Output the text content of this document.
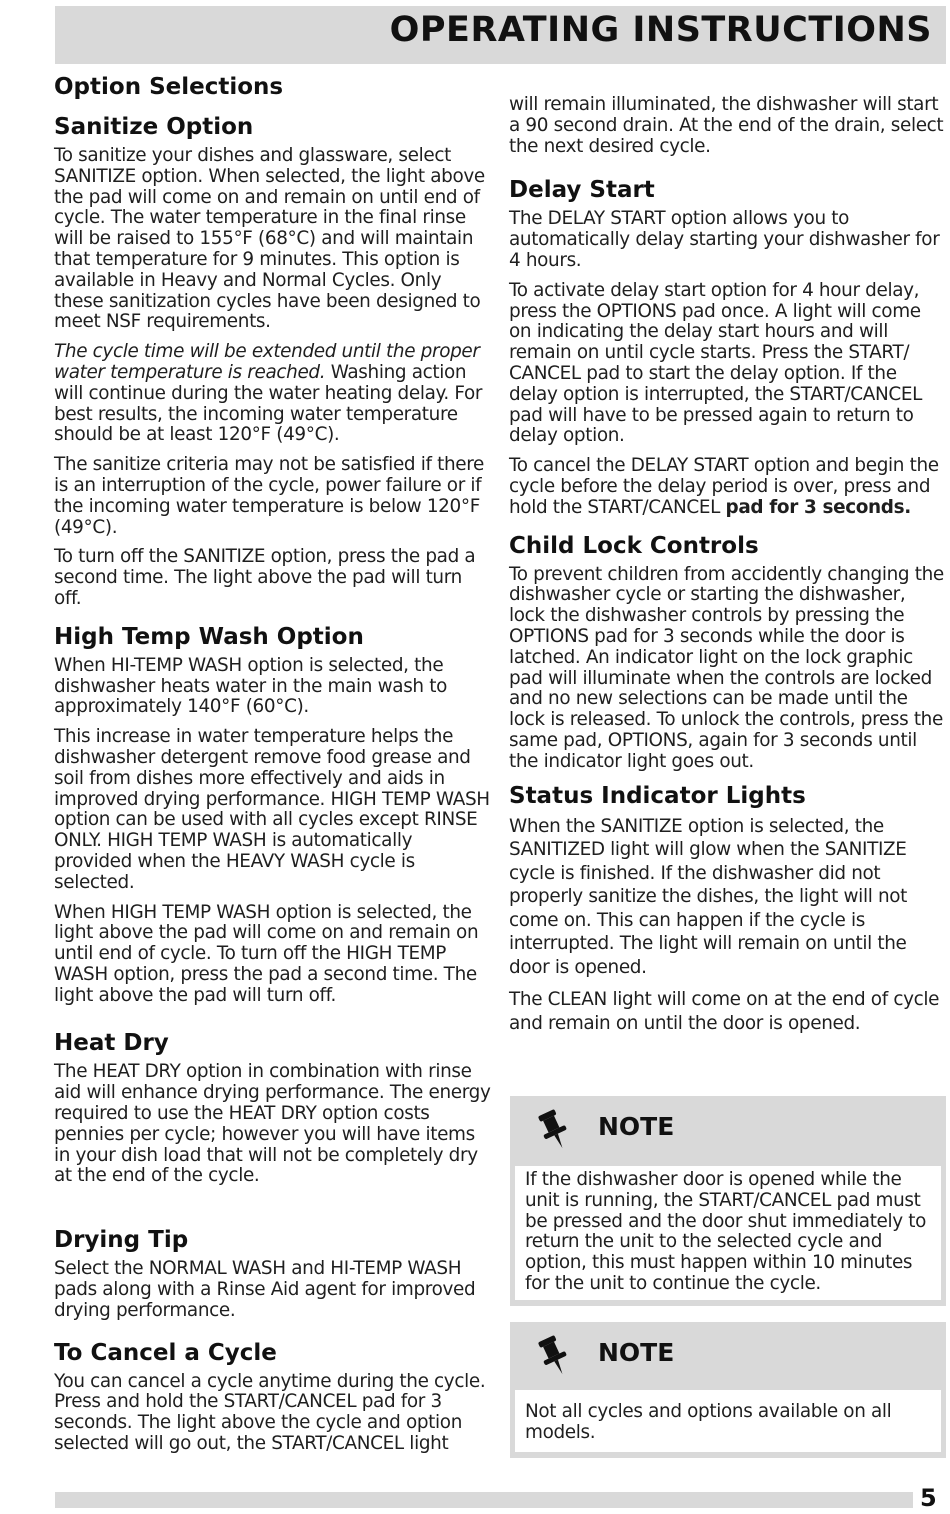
OPERATING INSTRUCTIONS
Option Selections
Sanitize Option

To sanitize your dishes and glassware, select SANITIZE option. When selected, the light above the pad will come on and remain on until end of cycle. The water temperature in the final rinse will be raised to 155°F (68°C) and will maintain that temperature for 9 minutes. This option is available in Heavy and Normal Cycles. Only these sanitization cycles have been designed to meet NSF requirements.

The cycle time will be extended until the proper water temperature is reached. Washing action will continue during the water heating delay. For best results, the incoming water temperature should be at least 120°F (49°C).

The sanitize criteria may not be satisfied if there is an interruption of the cycle, power failure or if the incoming water temperature is below 120°F (49°C).

To turn off the SANITIZE option, press the pad a second time. The light above the pad will turn off.

High Temp Wash Option

When HI-TEMP WASH option is selected, the dishwasher heats water in the main wash to approximately 140°F (60°C).

This increase in water temperature helps the dishwasher detergent remove food grease and soil from dishes more effectively and aids in improved drying performance. HIGH TEMP WASH option can be used with all cycles except RINSE ONLY. HIGH TEMP WASH is automatically provided when the HEAVY WASH cycle is selected.

When HIGH TEMP WASH option is selected, the light above the pad will come on and remain on until end of cycle. To turn off the HIGH TEMP WASH option, press the pad a second time. The light above the pad will turn off.

Heat Dry

The HEAT DRY option in combination with rinse aid will enhance drying performance. The energy required to use the HEAT DRY option costs pennies per cycle; however you will have items in your dish load that will not be completely dry at the end of the cycle.

Drying Tip

Select the NORMAL WASH and HI-TEMP WASH pads along with a Rinse Aid agent for improved drying performance.

To Cancel a Cycle

You can cancel a cycle anytime during the cycle. Press and hold the START/CANCEL pad for 3 seconds. The light above the cycle and option selected will go out, the START/CANCEL light

will remain illuminated, the dishwasher will start a 90 second drain. At the end of the drain, select the next desired cycle.

Delay Start

The DELAY START option allows you to automatically delay starting your dishwasher for 4 hours.

To activate delay start option for 4 hour delay, press the OPTIONS pad once. A light will come on indicating the delay start hours and will remain on until cycle starts. Press the START/ CANCEL pad to start the delay option. If the delay option is interrupted, the START/CANCEL pad will have to be pressed again to return to delay option.

To cancel the DELAY START option and begin the cycle before the delay period is over, press and hold the START/CANCEL pad for 3 seconds.

Child Lock Controls

To prevent children from accidently changing the dishwasher cycle or starting the dishwasher, lock the dishwasher controls by pressing the OPTIONS pad for 3 seconds while the door is latched. An indicator light on the lock graphic pad will illuminate when the controls are locked and no new selections can be made until the lock is released. To unlock the controls, press the same pad, OPTIONS, again for 3 seconds until the indicator light goes out.

Status Indicator Lights

When the SANITIZE option is selected, the SANITIZED light will glow when the SANITIZE cycle is finished. If the dishwasher did not properly sanitize the dishes, the light will not come on. This can happen if the cycle is interrupted. The light will remain on until the door is opened.

The CLEAN light will come on at the end of cycle and remain on until the door is opened.

NOTE

If the dishwasher door is opened while the unit is running, the START/CANCEL pad must be pressed and the door shut immediately to return the unit to the selected cycle and option, this must happen within 10 minutes for the unit to continue the cycle.

NOTE

Not all cycles and options available on all models.

5
